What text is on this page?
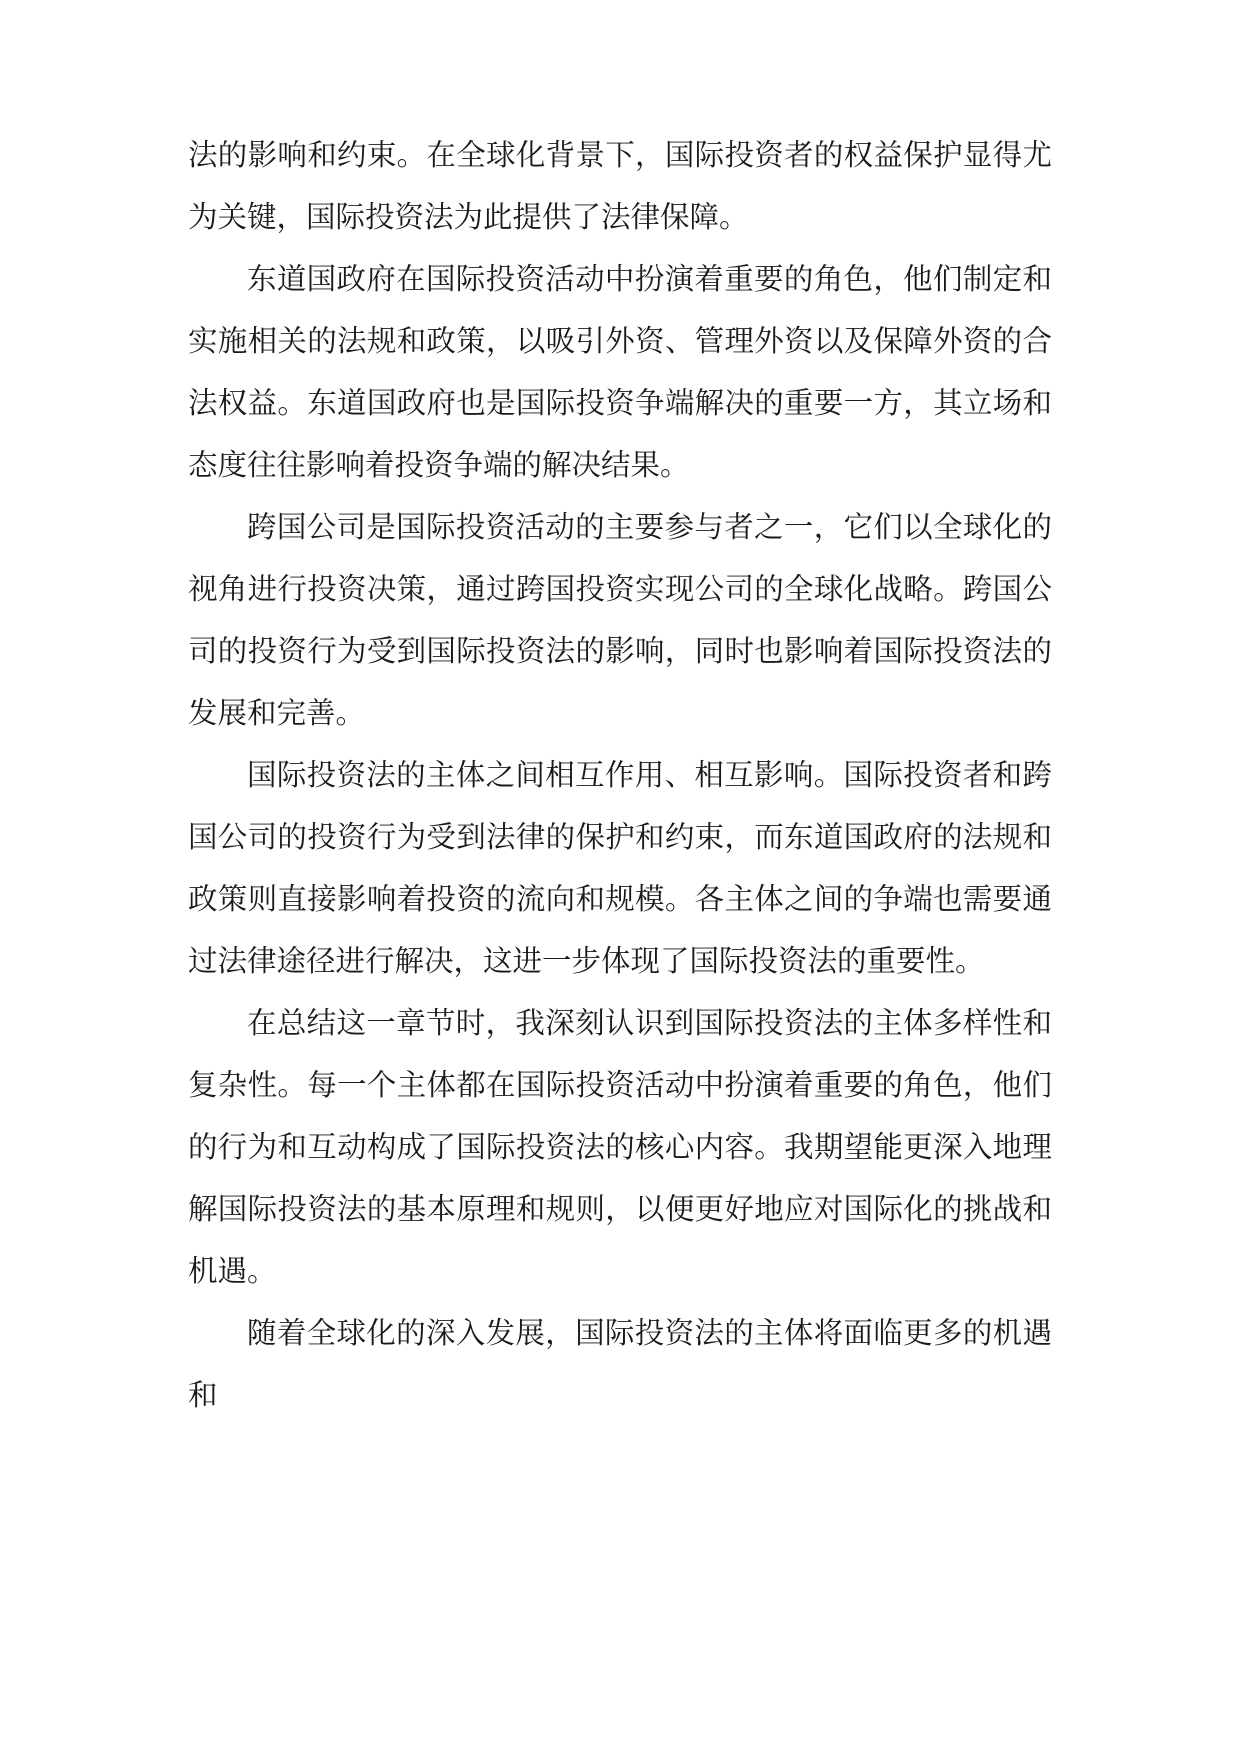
法的影响和约束。在全球化背景下，国际投资者的权益保护显得尤为关键，国际投资法为此提供了法律保障。

东道国政府在国际投资活动中扮演着重要的角色，他们制定和实施相关的法规和政策，以吸引外资、管理外资以及保障外资的合法权益。东道国政府也是国际投资争端解决的重要一方，其立场和态度往往影响着投资争端的解决结果。

跨国公司是国际投资活动的主要参与者之一，它们以全球化的视角进行投资决策，通过跨国投资实现公司的全球化战略。跨国公司的投资行为受到国际投资法的影响，同时也影响着国际投资法的发展和完善。

国际投资法的主体之间相互作用、相互影响。国际投资者和跨国公司的投资行为受到法律的保护和约束，而东道国政府的法规和政策则直接影响着投资的流向和规模。各主体之间的争端也需要通过法律途径进行解决，这进一步体现了国际投资法的重要性。

在总结这一章节时，我深刻认识到国际投资法的主体多样性和复杂性。每一个主体都在国际投资活动中扮演着重要的角色，他们的行为和互动构成了国际投资法的核心内容。我期望能更深入地理解国际投资法的基本原理和规则，以便更好地应对国际化的挑战和机遇。

随着全球化的深入发展，国际投资法的主体将面临更多的机遇和
